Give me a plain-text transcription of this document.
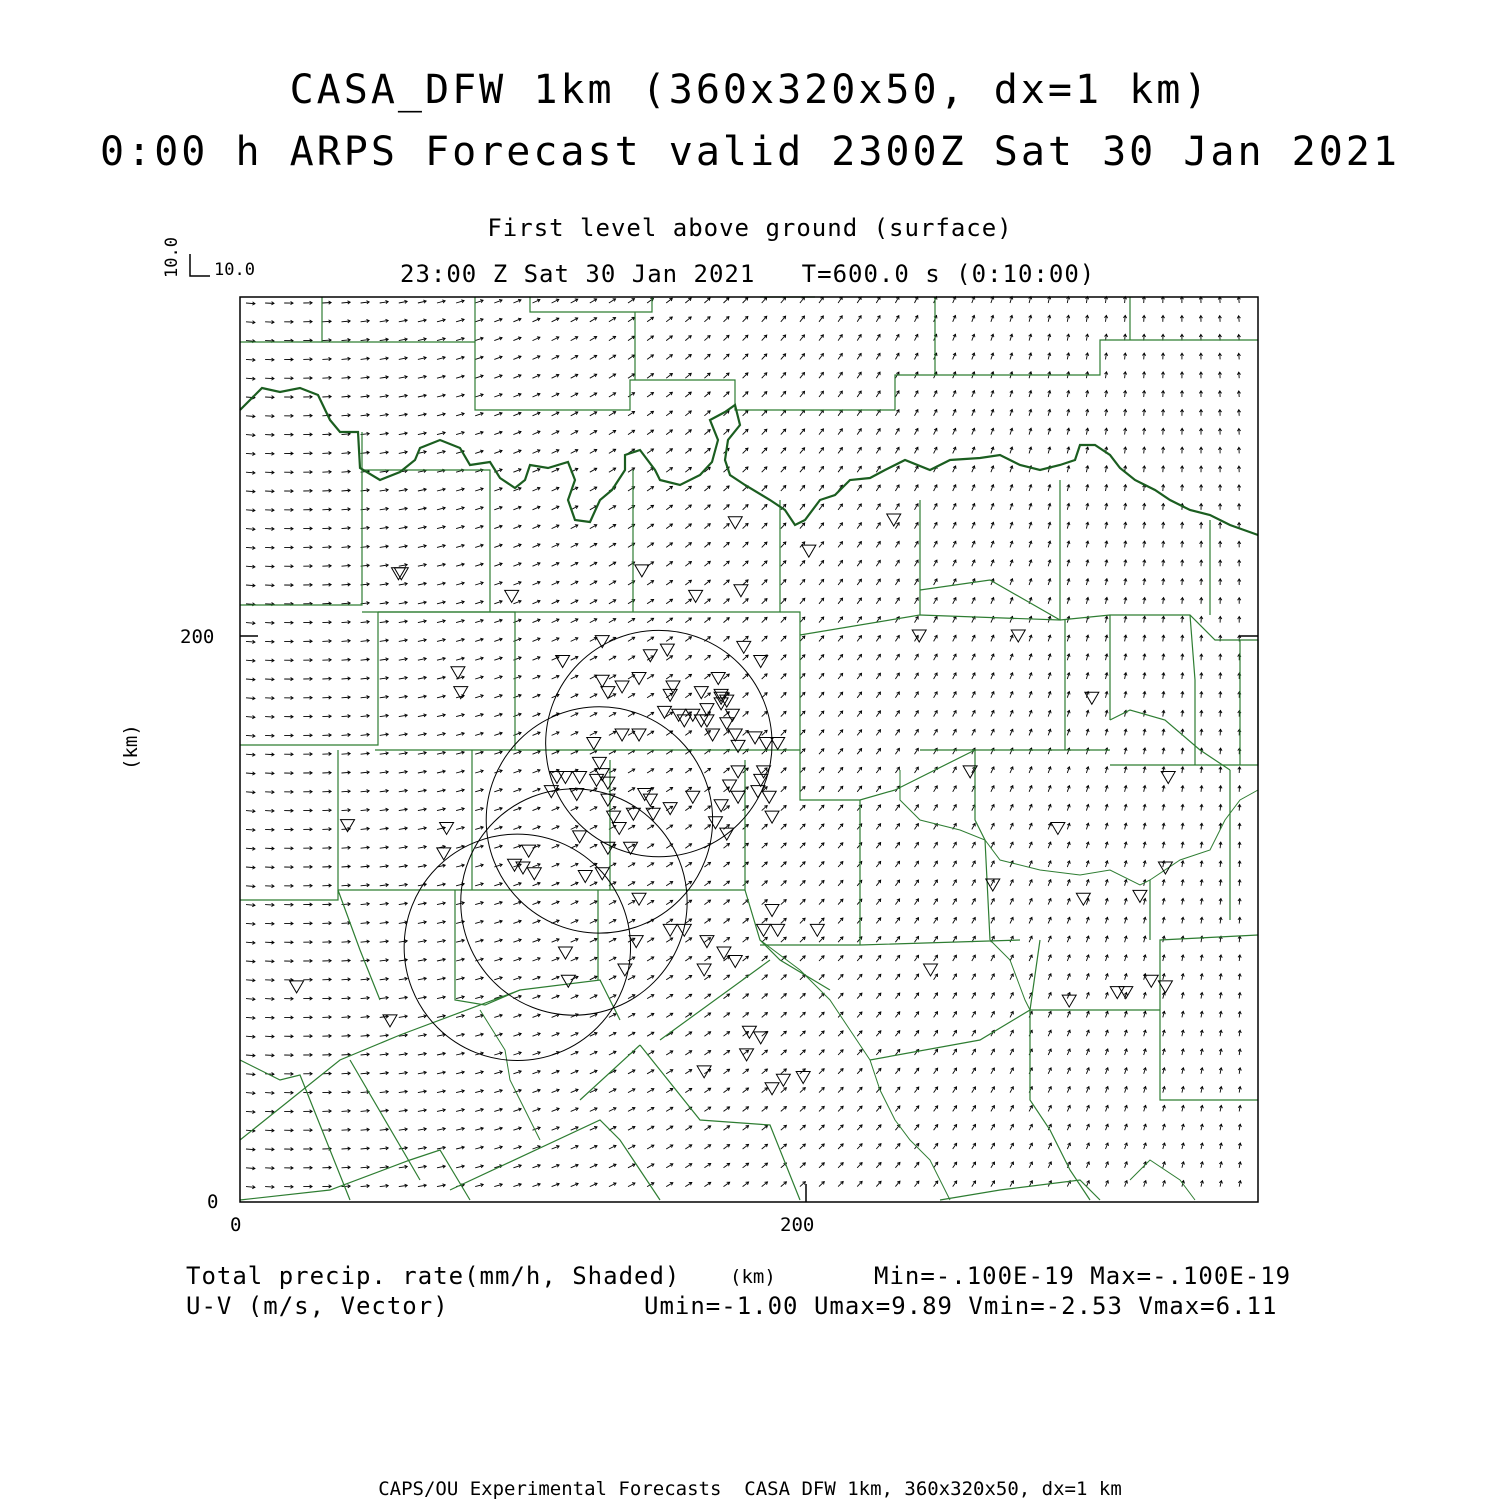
CASA_DFW 1km (360x320x50, dx=1 km)
0:00 h ARPS Forecast valid 2300Z Sat 30 Jan 2021
First level above ground (surface)
23:00 Z Sat 30 Jan 2021   T=600.0 s (0:10:00)
10.0
10.0
200
0
0	200
(km)
(km)
Total precip. rate(mm/h, Shaded)	Min=-.100E-19 Max=-.100E-19
U-V (m/s, Vector)	Umin=-1.00 Umax=9.89 Vmin=-2.53 Vmax=6.11
CAPS/OU Experimental Forecasts  CASA DFW 1km, 360x320x50, dx=1 km
